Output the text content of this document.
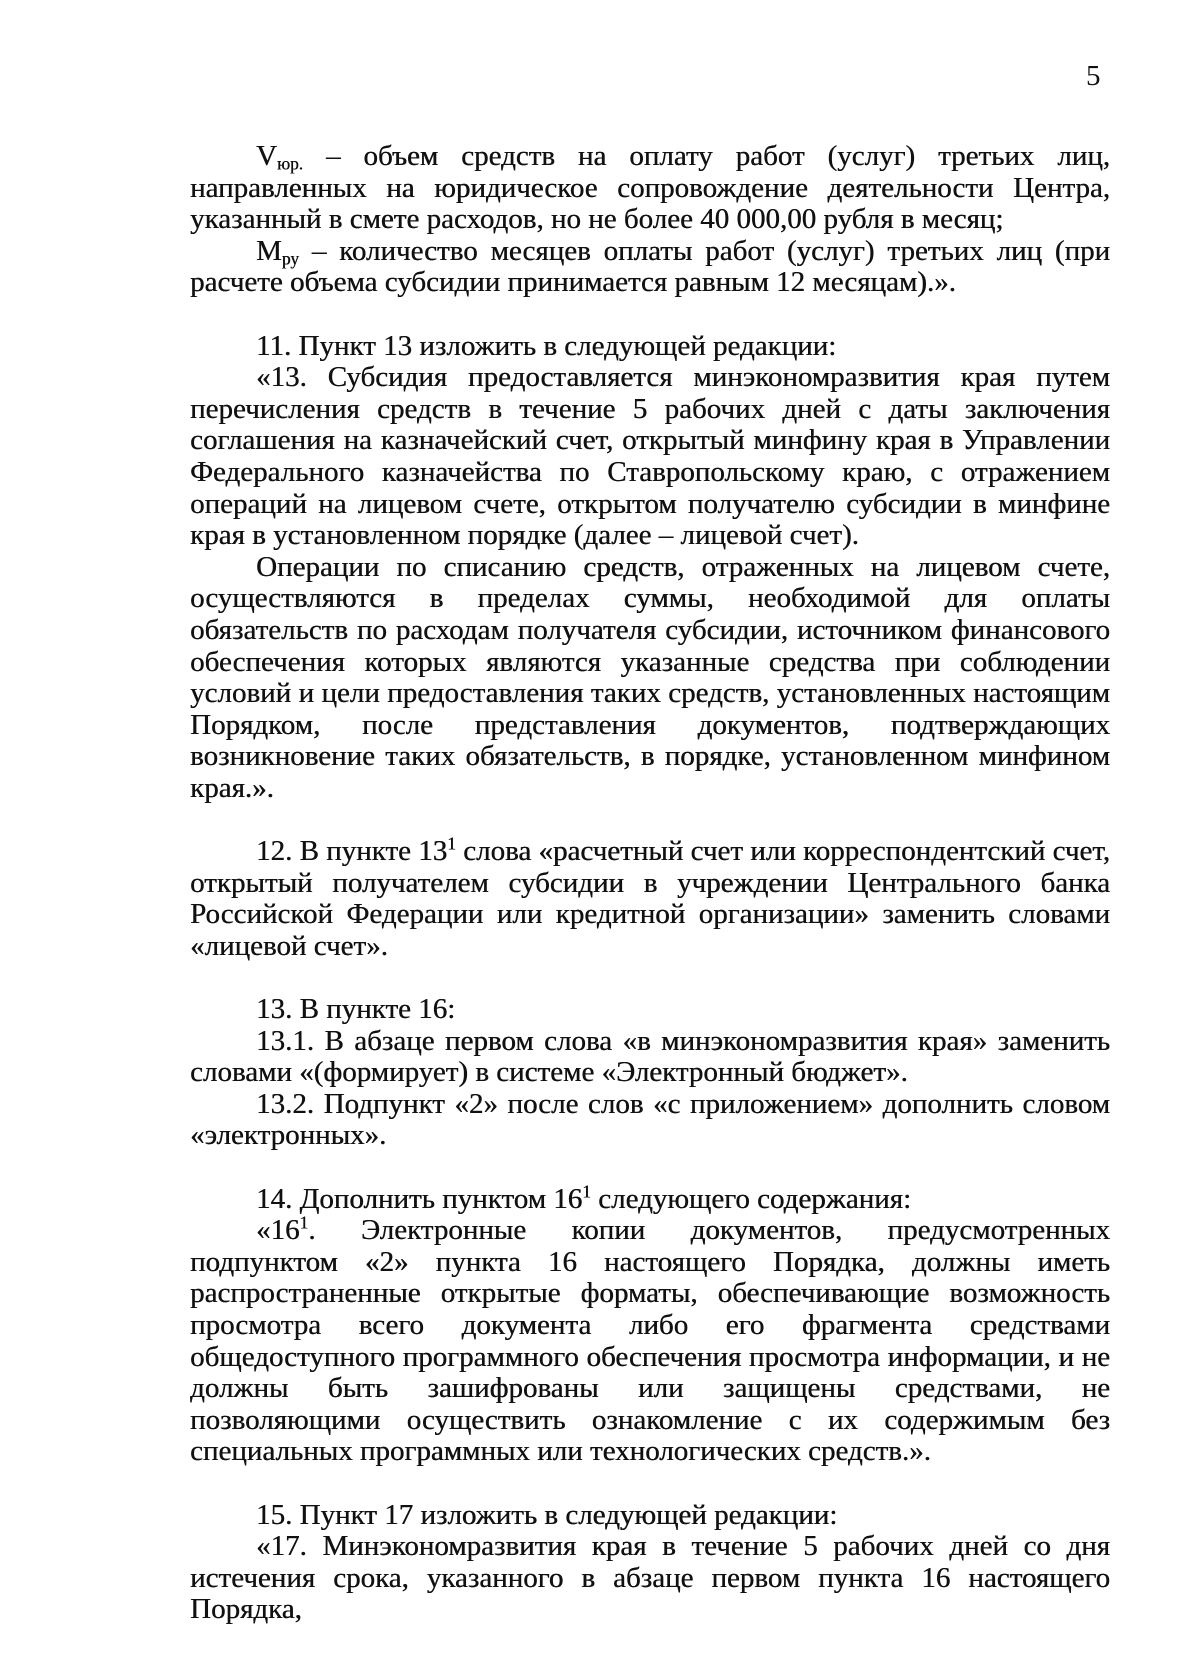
5

$V_{юр.}$ – объем средств на оплату работ (услуг) третьих лиц, направленных на юридическое сопровождение деятельности Центра, указанный в смете расходов, но не более 40 000,00 рубля в месяц;

$M_{ру}$ – количество месяцев оплаты работ (услуг) третьих лиц (при расчете объема субсидии принимается равным 12 месяцам).».

11. Пункт 13 изложить в следующей редакции:

«13. Субсидия предоставляется минэкономразвития края путем перечисления средств в течение 5 рабочих дней с даты заключения соглашения на казначейский счет, открытый минфину края в Управлении Федерального казначейства по Ставропольскому краю, с отражением операций на лицевом счете, открытом получателю субсидии в минфине края в установленном порядке (далее – лицевой счет).

Операции по списанию средств, отраженных на лицевом счете, осуществляются в пределах суммы, необходимой для оплаты обязательств по расходам получателя субсидии, источником финансового обеспечения которых являются указанные средства при соблюдении условий и цели предоставления таких средств, установленных настоящим Порядком, после представления документов, подтверждающих возникновение таких обязательств, в порядке, установленном минфином края.».

12. В пункте $13^1$ слова «расчетный счет или корреспондентский счет, открытый получателем субсидии в учреждении Центрального банка Российской Федерации или кредитной организации» заменить словами «лицевой счет».

13. В пункте 16:

13.1. В абзаце первом слова «в минэкономразвития края» заменить словами «(формирует) в системе «Электронный бюджет».

13.2. Подпункт «2» после слов «с приложением» дополнить словом «электронных».

14. Дополнить пунктом $16^1$ следующего содержания:

«$16^1$. Электронные копии документов, предусмотренных подпунктом «2» пункта 16 настоящего Порядка, должны иметь распространенные открытые форматы, обеспечивающие возможность просмотра всего документа либо его фрагмента средствами общедоступного программного обеспечения просмотра информации, и не должны быть зашифрованы или защищены средствами, не позволяющими осуществить ознакомление с их содержимым без специальных программных или технологических средств.».

15. Пункт 17 изложить в следующей редакции:

«17. Минэкономразвития края в течение 5 рабочих дней со дня истечения срока, указанного в абзаце первом пункта 16 настоящего Порядка,
